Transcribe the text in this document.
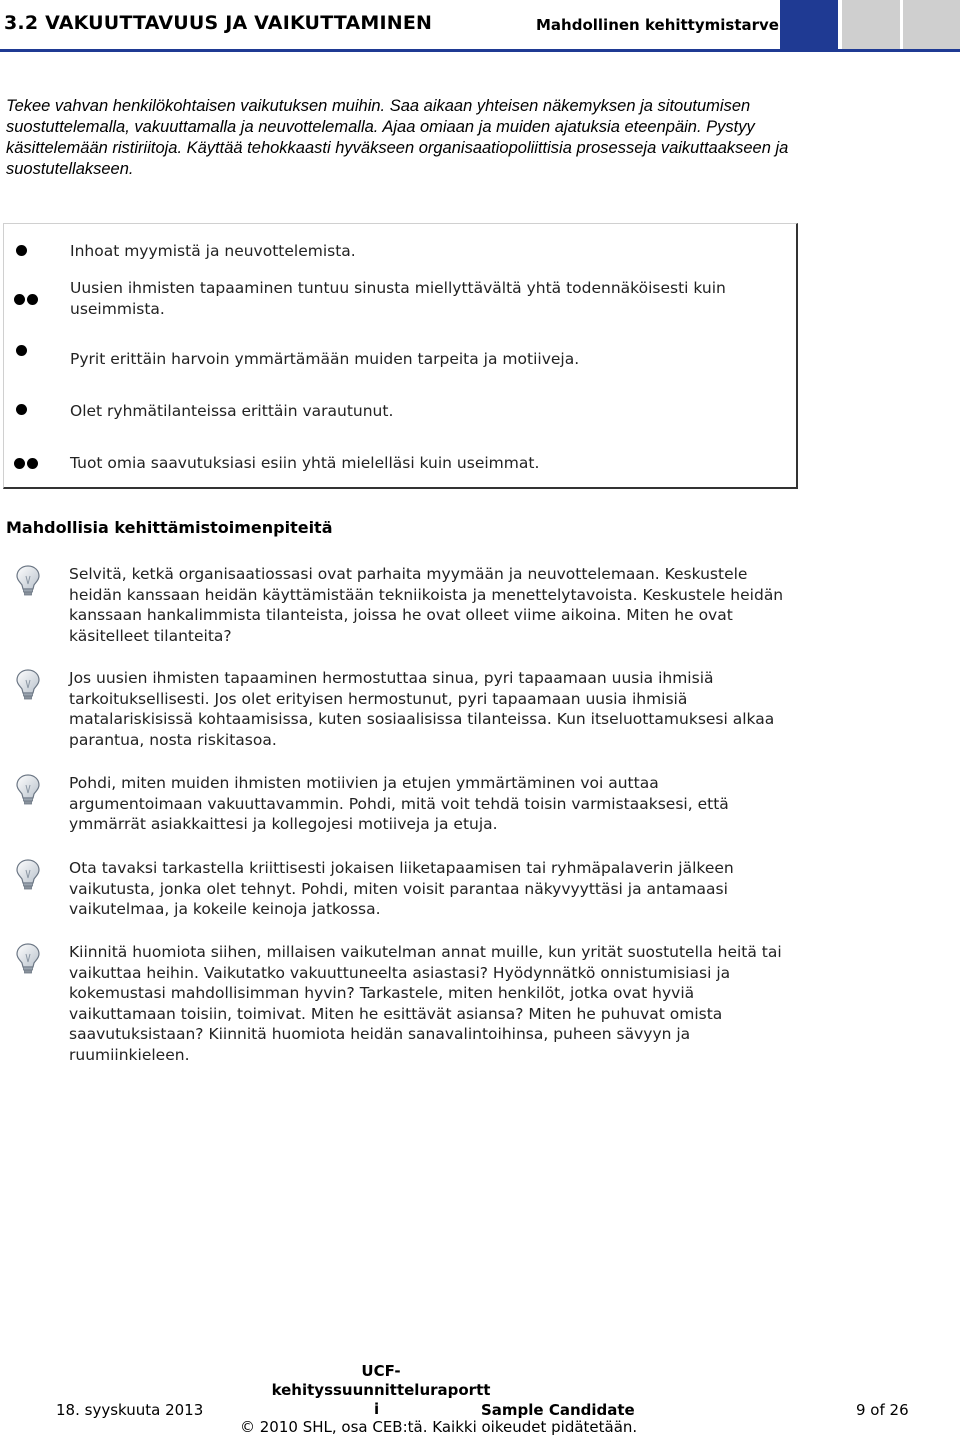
3.2 VAKUUTTAVUUS JA VAIKUTTAMINEN	Mahdollinen kehittymistarve
Tekee vahvan henkilökohtaisen vaikutuksen muihin. Saa aikaan yhteisen näkemyksen ja sitoutumisen suostuttelemalla, vakuuttamalla ja neuvottelemalla. Ajaa omiaan ja muiden ajatuksia eteenpäin. Pystyy käsittelemään ristiriitoja. Käyttää tehokkaasti hyväkseen organisaatiopoliittisia prosesseja vaikuttaakseen ja suostutellakseen.
Inhoat myymistä ja neuvottelemista.
Uusien ihmisten tapaaminen tuntuu sinusta miellyttävältä yhtä todennäköisesti kuin useimmista.
Pyrit erittäin harvoin ymmärtämään muiden tarpeita ja motiiveja.
Olet ryhmätilanteissa erittäin varautunut.
Tuot omia saavutuksiasi esiin yhtä mielelläsi kuin useimmat.
Mahdollisia kehittämistoimenpiteitä
Selvitä, ketkä organisaatiossasi ovat parhaita myymään ja neuvottelemaan. Keskustele heidän kanssaan heidän käyttämistään tekniikoista ja menettelytavoista. Keskustele heidän kanssaan hankalimmista tilanteista, joissa he ovat olleet viime aikoina. Miten he ovat käsitelleet tilanteita?
Jos uusien ihmisten tapaaminen hermostuttaa sinua, pyri tapaamaan uusia ihmisiä tarkoituksellisesti. Jos olet erityisen hermostunut, pyri tapaamaan uusia ihmisiä matalariskisissä kohtaamisissa, kuten sosiaalisissa tilanteissa. Kun itseluottamuksesi alkaa parantua, nosta riskitasoa.
Pohdi, miten muiden ihmisten motiivien ja etujen ymmärtäminen voi auttaa argumentoimaan vakuuttavammin. Pohdi, mitä voit tehdä toisin varmistaaksesi, että ymmärrät asiakkaittesi ja kollegojesi motiiveja ja etuja.
Ota tavaksi tarkastella kriittisesti jokaisen liiketapaamisen tai ryhmäpalaverin jälkeen vaikutusta, jonka olet tehnyt. Pohdi, miten voisit parantaa näkyvyyttäsi ja antamaasi vaikutelmaa, ja kokeile keinoja jatkossa.
Kiinnitä huomiota siihen, millaisen vaikutelman annat muille, kun yrität suostutella heitä tai vaikuttaa heihin. Vaikutatko vakuuttuneelta asiastasi? Hyödynnätkö onnistumisiasi ja kokemustasi mahdollisimman hyvin? Tarkastele, miten henkilöt, jotka ovat hyviä vaikuttamaan toisiin, toimivat. Miten he esittävät asiansa? Miten he puhuvat omista saavutuksistaan? Kiinnitä huomiota heidän sanavalintoihinsa, puheen sävyyn ja ruumiinkieleen.
18. syyskuuta 2013
UCF-
kehityssuunnitteluraportt
i	Sample Candidate	9 of 26
© 2010 SHL, osa CEB:tä. Kaikki oikeudet pidätetään.
